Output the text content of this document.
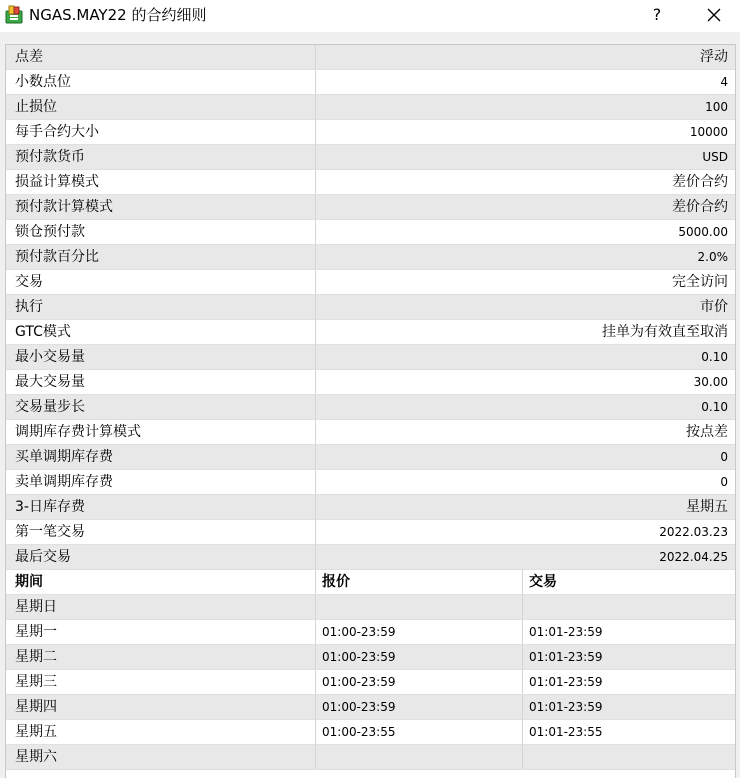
NGAS.MAY22 的合约细则	?
点差	浮动
小数点位	4
止损位	100
每手合约大小	10000
预付款货币	USD
损益计算模式	差价合约
预付款计算模式	差价合约
锁仓预付款	5000.00
预付款百分比	2.0%
交易	完全访问
执行	市价
GTC模式	挂单为有效直至取消
最小交易量	0.10
最大交易量	30.00
交易量步长	0.10
调期库存费计算模式	按点差
买单调期库存费	0
卖单调期库存费	0
3-日库存费	星期五
第一笔交易	2022.03.23
最后交易	2022.04.25
期间	报价	交易
星期日
星期一	01:00-23:59	01:01-23:59
星期二	01:00-23:59	01:01-23:59
星期三	01:00-23:59	01:01-23:59
星期四	01:00-23:59	01:01-23:59
星期五	01:00-23:55	01:01-23:55
星期六
